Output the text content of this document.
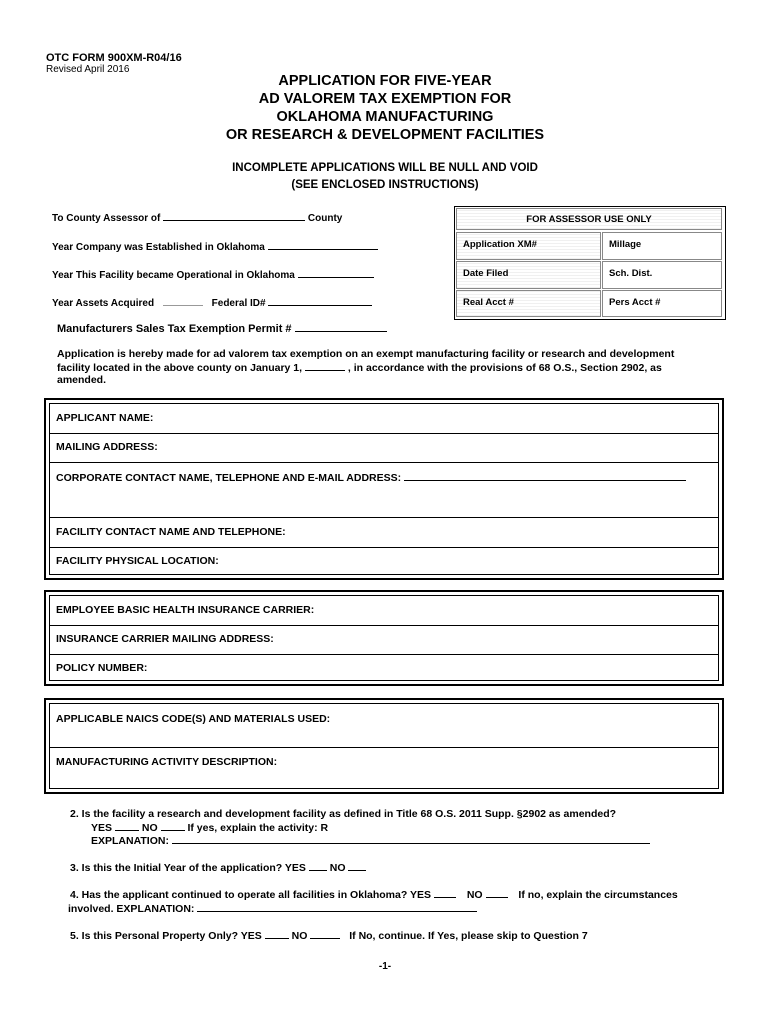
OTC FORM 900XM-R04/16
Revised April 2016
APPLICATION FOR FIVE-YEAR
AD VALOREM TAX EXEMPTION FOR
OKLAHOMA MANUFACTURING
OR RESEARCH & DEVELOPMENT FACILITIES
INCOMPLETE APPLICATIONS WILL BE NULL AND VOID
(SEE ENCLOSED INSTRUCTIONS)
To County Assessor of	County
Year Company was Established in Oklahoma
Year This Facility became Operational in Oklahoma
Year Assets Acquired	Federal ID#
Manufacturers Sales Tax Exemption Permit #
FOR ASSESSOR USE ONLY
Application XM#	Millage
Date Filed	Sch. Dist.
Real Acct #	Pers Acct #
Application is hereby made for ad valorem tax exemption on an exempt manufacturing facility or research and development
facility located in the above county on January 1,	, in accordance with the provisions of 68 O.S., Section 2902, as
amended.
APPLICANT NAME:
MAILING ADDRESS:
CORPORATE CONTACT NAME, TELEPHONE AND E-MAIL ADDRESS:
FACILITY CONTACT NAME AND TELEPHONE:
FACILITY PHYSICAL LOCATION:
EMPLOYEE BASIC HEALTH INSURANCE CARRIER:
INSURANCE CARRIER MAILING ADDRESS:
POLICY NUMBER:
APPLICABLE NAICS CODE(S) AND MATERIALS USED:
MANUFACTURING ACTIVITY DESCRIPTION:
2. Is the facility a research and development facility as defined in Title 68 O.S. 2011 Supp. §2902 as amended?
YES	NO	If yes, explain the activity: R
EXPLANATION:
3. Is this the Initial Year of the application? YES NO
4. Has the applicant continued to operate all facilities in Oklahoma? YES	NO	If no, explain the circumstances
involved. EXPLANATION:
5. Is this Personal Property Only? YES	NO	If No, continue. If Yes, please skip to Question 7
-1-
